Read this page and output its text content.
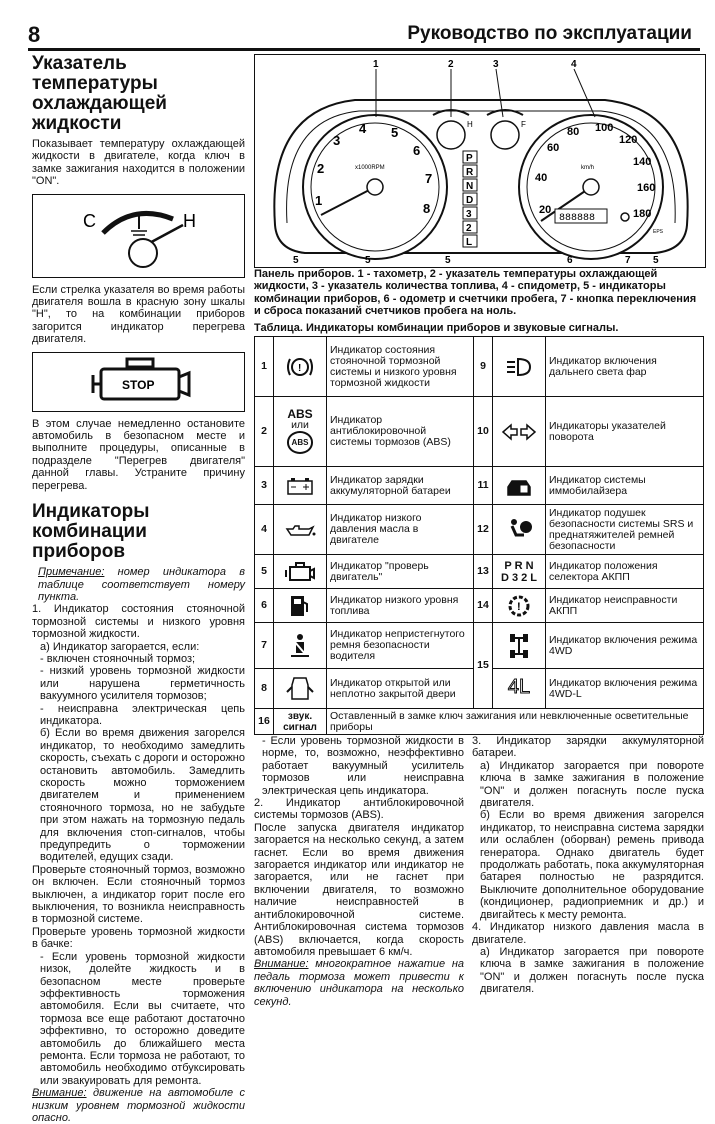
8	Руководство по эксплуатации
Указатель температуры охлаждающей жидкости

Показывает температуру охлаждающей жидкости в двигателе, когда ключ в замке зажигания находится в положении "ON".

C	H

Если стрелка указателя во время работы двигателя вошла в красную зону шкалы "H", то на комбинации приборов загорится индикатор перегрева двигателя.

STOP

В этом случае немедленно остановите автомобиль в безопасном месте и выполните процедуры, описанные в подразделе "Перегрев двигателя" данной главы. Устраните причину перегрева.

Индикаторы комбинации приборов

Примечание: номер индикатора в таблице соответствует номеру пункта.

1. Индикатор состояния стояночной тормозной системы и низкого уровня тормозной жидкости.

а) Индикатор загорается, если:

- включен стояночный тормоз;

- низкий уровень тормозной жидкости или нарушена герметичность вакуумного усилителя тормозов;

- неисправна электрическая цепь индикатора.

б) Если во время движения загорелся индикатор, то необходимо замедлить скорость, съехать с дороги и осторожно остановить автомобиль. Замедлить скорость можно торможением двигателем и применением стояночного тормоза, но не забудьте при этом нажать на тормозную педаль для включения стоп-сигналов, чтобы предупредить о торможении водителей, едущих сзади.

Проверьте стояночный тормоз, возможно он включен. Если стояночный тормоз выключен, а индикатор горит после его выключения, то возникла неисправность в тормозной системе.

Проверьте уровень тормозной жидкости в бачке:

- Если уровень тормозной жидкости низок, долейте жидкость и в безопасном месте проверьте эффективность торможения автомобиля. Если вы считаете, что тормоза все еще работают достаточно эффективно, то осторожно доведите автомобиль до ближайшего места ремонта. Если тормоза не работают, то автомобиль необходимо отбуксировать или эвакуировать для ремонта.

Внимание: движение на автомобиле с низким уровнем тормозной жидкости опасно.

1
2
3
4 5
6
7
8
x1000RPM
20
40
60
80 100
120
140
160
180
km/h
888888
EPS
H	F
P
R
N
D
3
2
L
1	2	3	4
5	5	5	6	7 5
Панель приборов. 1 - тахометр, 2 - указатель температуры охлаждающей жидкости, 3 - указатель количества топлива, 4 - спидометр, 5 - индикаторы комбинации приборов, 6 - одометр и счетчики пробега, 7 - кнопка переключения и сброса показаний счетчиков пробега на ноль.
Таблица. Индикаторы комбинации приборов и звуковые сигналы.
1	!	Индикатор состояния стояночной тормозной системы и низкого уровня тормозной жидкости	9		Индикатор включения дальнего света фар
2	ABS
или
ABS	Индикатор антиблокировочной системы тормозов (ABS)	10		Индикаторы указателей поворота
3		Индикатор зарядки аккумуляторной батареи	11		Индикатор системы иммобилайзера
4		Индикатор низкого давления масла в двигателе	12		Индикатор подушек безопасности системы SRS и преднатяжителей ремней безопасности
5		Индикатор "проверь двигатель"	13	P R N
D 3 2 L	Индикатор положения селектора АКПП
6		Индикатор низкого уровня топлива	14	!	Индикатор неисправности АКПП
7		Индикатор непристегнутого ремня безопасности водителя	15		Индикатор включения режима 4WD
8		Индикатор открытой или неплотно закрытой двери		4L	Индикатор включения режима 4WD-L
16	звук. сигнал	Оставленный в замке ключ зажигания или невключенные осветительные приборы			

- Если уровень тормозной жидкости в норме, то, возможно, неэффективно работает вакуумный усилитель тормозов или неисправна электрическая цепь индикатора.

2. Индикатор антиблокировочной системы тормозов (ABS).

После запуска двигателя индикатор загорается на несколько секунд, а затем гаснет. Если во время движения загорается индикатор или индикатор не загорается, или не гаснет при включении двигателя, то возможно наличие неисправностей в антиблокировочной системе. Антиблокировочная система тормозов (ABS) включается, когда скорость автомобиля превышает 6 км/ч.

Внимание: многократное нажатие на педаль тормоза может привести к включению индикатора на несколько секунд.

3. Индикатор зарядки аккумуляторной батареи.

а) Индикатор загорается при повороте ключа в замке зажигания в положение "ON" и должен погаснуть после пуска двигателя.

б) Если во время движения загорелся индикатор, то неисправна система зарядки или ослаблен (оборван) ремень привода генератора. Однако двигатель будет продолжать работать, пока аккумуляторная батарея полностью не разрядится. Выключите дополнительное оборудование (кондиционер, радиоприемник и др.) и двигайтесь к месту ремонта.

4. Индикатор низкого давления масла в двигателе.

а) Индикатор загорается при повороте ключа в замке зажигания в положение "ON" и должен погаснуть после пуска двигателя.
